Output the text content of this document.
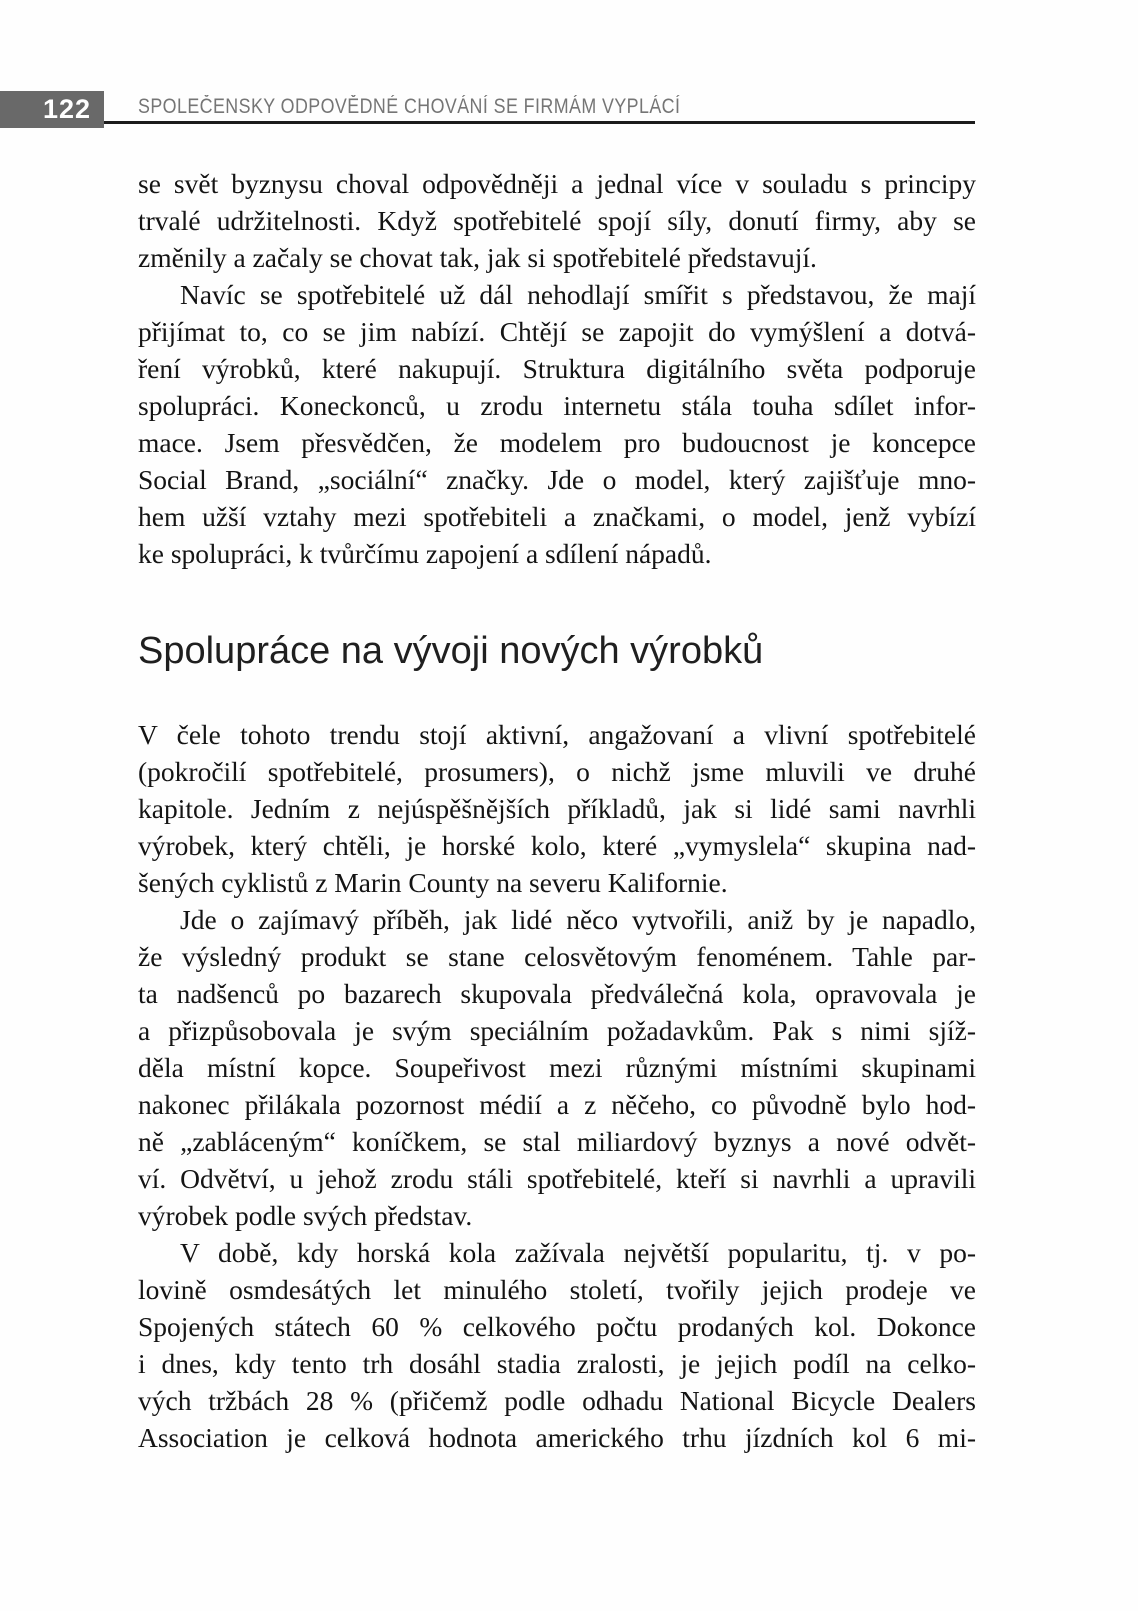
122 SPOLEČENSKY ODPOVĚDNÉ CHOVÁNÍ SE FIRMÁM VYPLÁCÍ
se svět byznysu choval odpovědněji a jednal více v souladu s principy
trvalé udržitelnosti. Když spotřebitelé spojí síly, donutí firmy, aby se
změnily a začaly se chovat tak, jak si spotřebitelé představují.
Navíc se spotřebitelé už dál nehodlají smířit s představou, že mají
přijímat to, co se jim nabízí. Chtějí se zapojit do vymýšlení a dotvá-
ření výrobků, které nakupují. Struktura digitálního světa podporuje
spolupráci. Koneckonců, u zrodu internetu stála touha sdílet infor-
mace. Jsem přesvědčen, že modelem pro budoucnost je koncepce
Social Brand, „sociální“ značky. Jde o model, který zajišťuje mno-
hem užší vztahy mezi spotřebiteli a značkami, o model, jenž vybízí
ke spolupráci, k tvůrčímu zapojení a sdílení nápadů.
Spolupráce na vývoji nových výrobků
V čele tohoto trendu stojí aktivní, angažovaní a vlivní spotřebitelé
(pokročilí spotřebitelé, prosumers), o nichž jsme mluvili ve druhé
kapitole. Jedním z nejúspěšnějších příkladů, jak si lidé sami navrhli
výrobek, který chtěli, je horské kolo, které „vymyslela“ skupina nad-
šených cyklistů z Marin County na severu Kalifornie.
Jde o zajímavý příběh, jak lidé něco vytvořili, aniž by je napadlo,
že výsledný produkt se stane celosvětovým fenoménem. Tahle par-
ta nadšenců po bazarech skupovala předválečná kola, opravovala je
a přizpůsobovala je svým speciálním požadavkům. Pak s nimi sjíž-
děla místní kopce. Soupeřivost mezi různými místními skupinami
nakonec přilákala pozornost médií a z něčeho, co původně bylo hod-
ně „zabláceným“ koníčkem, se stal miliardový byznys a nové odvět-
ví. Odvětví, u jehož zrodu stáli spotřebitelé, kteří si navrhli a upravili
výrobek podle svých představ.
V době, kdy horská kola zažívala největší popularitu, tj. v po-
lovině osmdesátých let minulého století, tvořily jejich prodeje ve
Spojených státech 60 % celkového počtu prodaných kol. Dokonce
i dnes, kdy tento trh dosáhl stadia zralosti, je jejich podíl na celko-
vých tržbách 28 % (přičemž podle odhadu National Bicycle Dealers
Association je celková hodnota amerického trhu jízdních kol 6 mi-
